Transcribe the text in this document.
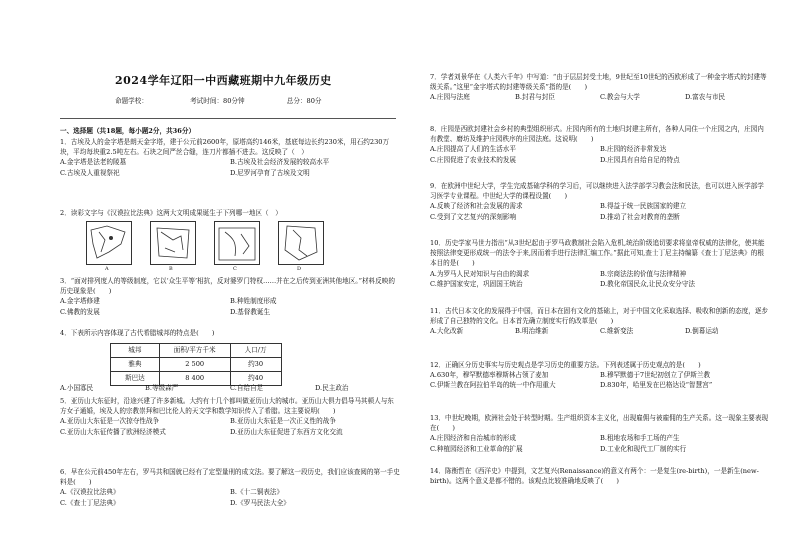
2024学年辽阳一中西藏班期中九年级历史
命题学校：	考试时间：80分钟	总分：80分
一、选择题（共18题，每小题2分，共36分）

1．古埃及人的金字塔是朗天金字塔，建于公元前2600年，原塔高约146米，基底每边长约230米，用石约230万块，平均每块重2.5吨左右。石块之间严丝合缝，连刀片都插不进去。这反映了（　）

A.金字塔是法老的陵墓	B.古埃及社会经济发展的较高水平
C.古埃及人重视祭祀	D.尼罗河孕育了古埃及文明

2．读彩文字与《汉谟拉比法典》这两大文明成果诞生于下列哪一地区（　）

A	B	C	D

3．“面对排列度人的等级制度，它以‘众生平等’相抗，反对婆罗门特权……并在之后传到亚洲其他地区。”材料反映的历史现象是(　　)

A.金字塔修建	B.种姓制度形成
C.佛教的发展	D.基督教诞生

4．下表所示内容体现了古代希腊城邦的特点是(　　)

城邦	面积/平方千米	人口/万
雅典	2 500	约30
斯巴达	8 400	约40
A.小国寡民	B.等级森严	C.自给自足	D.民主政治

5．亚历山大东征时，沿途兴建了许多新城。大约有十几个都叫做亚历山大的城市。亚历山大俱力倡导马其顿人与东方女子通婚，埃及人的宗教崇拜和巴比伦人的天文学和数学知识传入了希腊。这主要说明(　　)

A.亚历山大东征是一次掠夺性战争	B.亚历山大东征是一次正义性的战争
C.亚历山大东征传播了欧洲经济模式	D.亚历山大东征促进了东西方文化交流

6．早在公元前450年左右，罗马共和国就已经有了定型量刑的成文法。要了解这一段历史，我们应该查阅的第一手史料是(　　)

A.《汉谟拉比法典》	B.《十二铜表法》
C.《查士丁尼法典》	D.《罗马民法大全》

7．学者刘景华在《人类六千年》中写道：“由于层层封受土地，9世纪至10世纪的西欧形成了一种金字塔式的封建等级关系。”这里“金字塔式的封建等级关系”指的是(　　)

A.庄园与法庭	B.封君与封臣	C.教会与大学	D.富农与市民

8．庄园是西欧封建社会乡村的典型组织形式。庄园内所有的土地归封建主所有，各种人同住一个庄园之内，庄园内有教堂、磨坊及维护庄园秩序的庄园法庭。这说明(　　)

A.庄园提高了人们的生活水平	B.庄园的经济非常发达
C.庄园促进了农业技术的发展	D.庄园具有自给自足的特点

9．在欧洲中世纪大学，学生完成基础学科的学习后，可以继续进入法学部学习教会法和民法，也可以进入医学部学习医学专业课程。中世纪大学的课程设置(　　)

A.反映了经济和社会发展的需求	B.得益于统一民族国家的建立
C.受到了文艺复兴的深刻影响	D.推动了社会对教育的垄断

10．历史学家马世力指出“从3世纪起由于罗马政教制社会陷入危机,统治阶级追切要求将皇帝权威的法律化，使其能按照法律变更形成统一的法令于来,因而着手进行法律汇编工作。”据此可知,查士丁尼主持编纂《查士丁尼法典》的根本目的是(　　)

A.为罗马人民对知识与自由的渴求	B.宗商法法的价值与法律精神
C.维护国家安定，巩固国王统治	D.教化帝国民众,让民众安分守法

11．古代日本文化的发展得于中国，而日本在固有文化的基础上，对于中国文化采取选择、吸收和创新的态度，逐步形成了自己独特的文化。日本首先确立制度实行的改革是(　　)

A.大化改新	B.明治维新	C.维新变法	D.倒幕运动

12．正确区分历史事实与历史观点是学习历史的重要方法。下列表述属于历史观点的是(　　)

A.630年，穆罕默德率穆斯林占领了麦加	B.穆罕默德于7世纪初创立了伊斯兰教
C.伊斯兰教在阿拉伯半岛的统一中作用重大	D.830年，哈里发在巴格达设“智慧宫”

13．中世纪晚期，欧洲社会处于转型时期。生产组织资本主义化，出现雇佣与被雇佣的生产关系。这一现象主要表现在(　　)

A.庄园经济和自治城市的形成	B.租地农场和手工场的产生
C.种植园经济和工业革命的扩展	D.工业化和现代工厂制的实行

14．陈衡哲在《西洋史》中提到，文艺复兴(Renaissance)的意义有两个：一是复生(re-birth)，一是新生(new-birth)。这两个意义是都不错的。该观点比较准确地反映了(　　)
